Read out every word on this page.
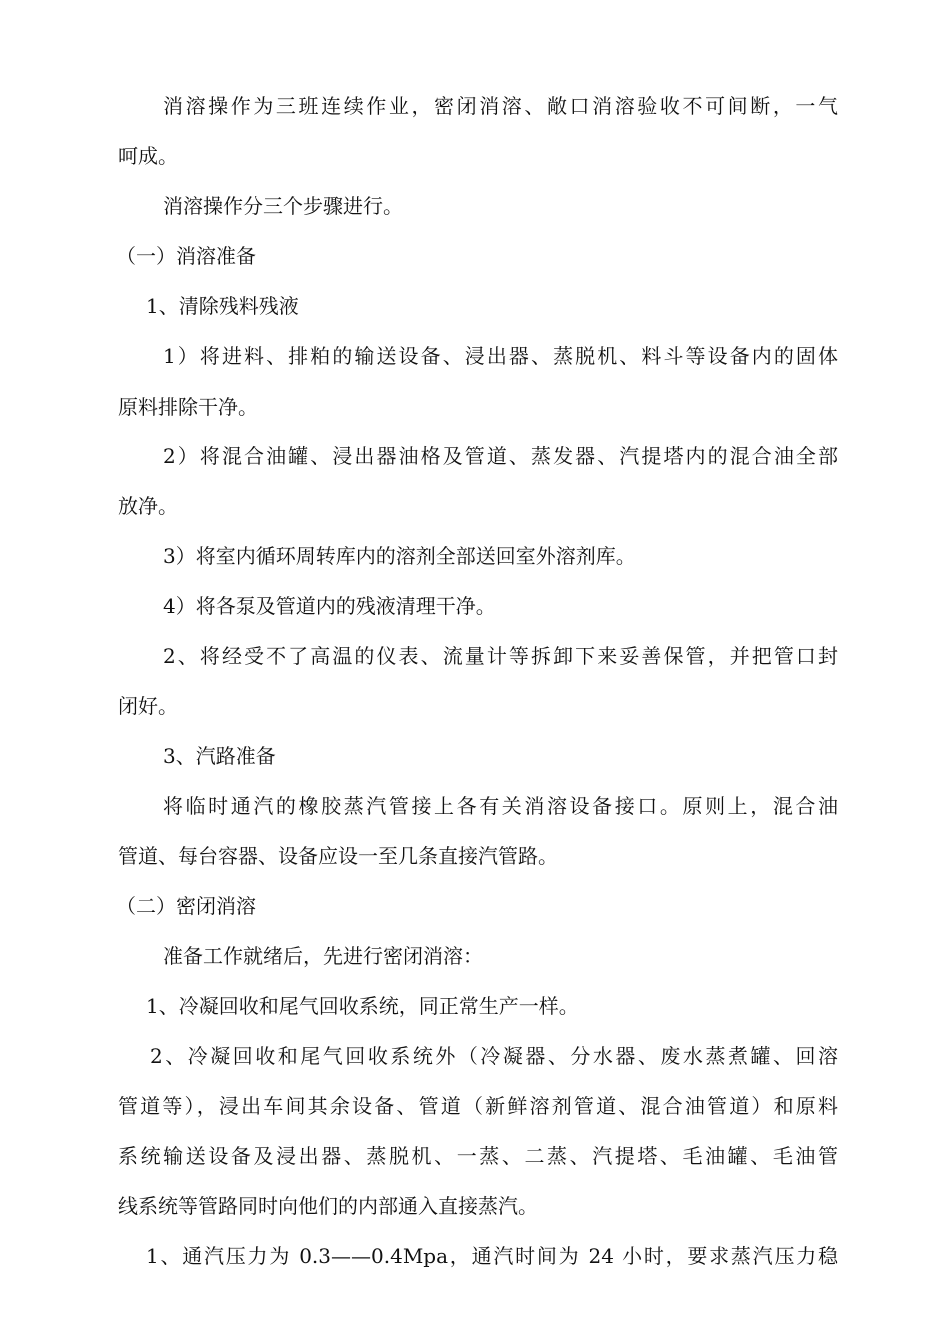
消溶操作为三班连续作业，密闭消溶、敞口消溶验收不可间断，一气
呵成。
消溶操作分三个步骤进行。
（一）消溶准备
1、清除残料残液
1）将进料、排粕的输送设备、浸出器、蒸脱机、料斗等设备内的固体
原料排除干净。
2）将混合油罐、浸出器油格及管道、蒸发器、汽提塔内的混合油全部
放净。
3）将室内循环周转库内的溶剂全部送回室外溶剂库。
4）将各泵及管道内的残液清理干净。
2、将经受不了高温的仪表、流量计等拆卸下来妥善保管，并把管口封
闭好。
3、汽路准备
将临时通汽的橡胶蒸汽管接上各有关消溶设备接口。原则上，混合油
管道、每台容器、设备应设一至几条直接汽管路。
（二）密闭消溶
准备工作就绪后，先进行密闭消溶：
1、冷凝回收和尾气回收系统，同正常生产一样。
2、冷凝回收和尾气回收系统外（冷凝器、分水器、废水蒸煮罐、回溶
管道等），浸出车间其余设备、管道（新鲜溶剂管道、混合油管道）和原料
系统输送设备及浸出器、蒸脱机、一蒸、二蒸、汽提塔、毛油罐、毛油管
线系统等管路同时向他们的内部通入直接蒸汽。
1、通汽压力为 0.3——0.4Mpa，通汽时间为 24 小时，要求蒸汽压力稳
